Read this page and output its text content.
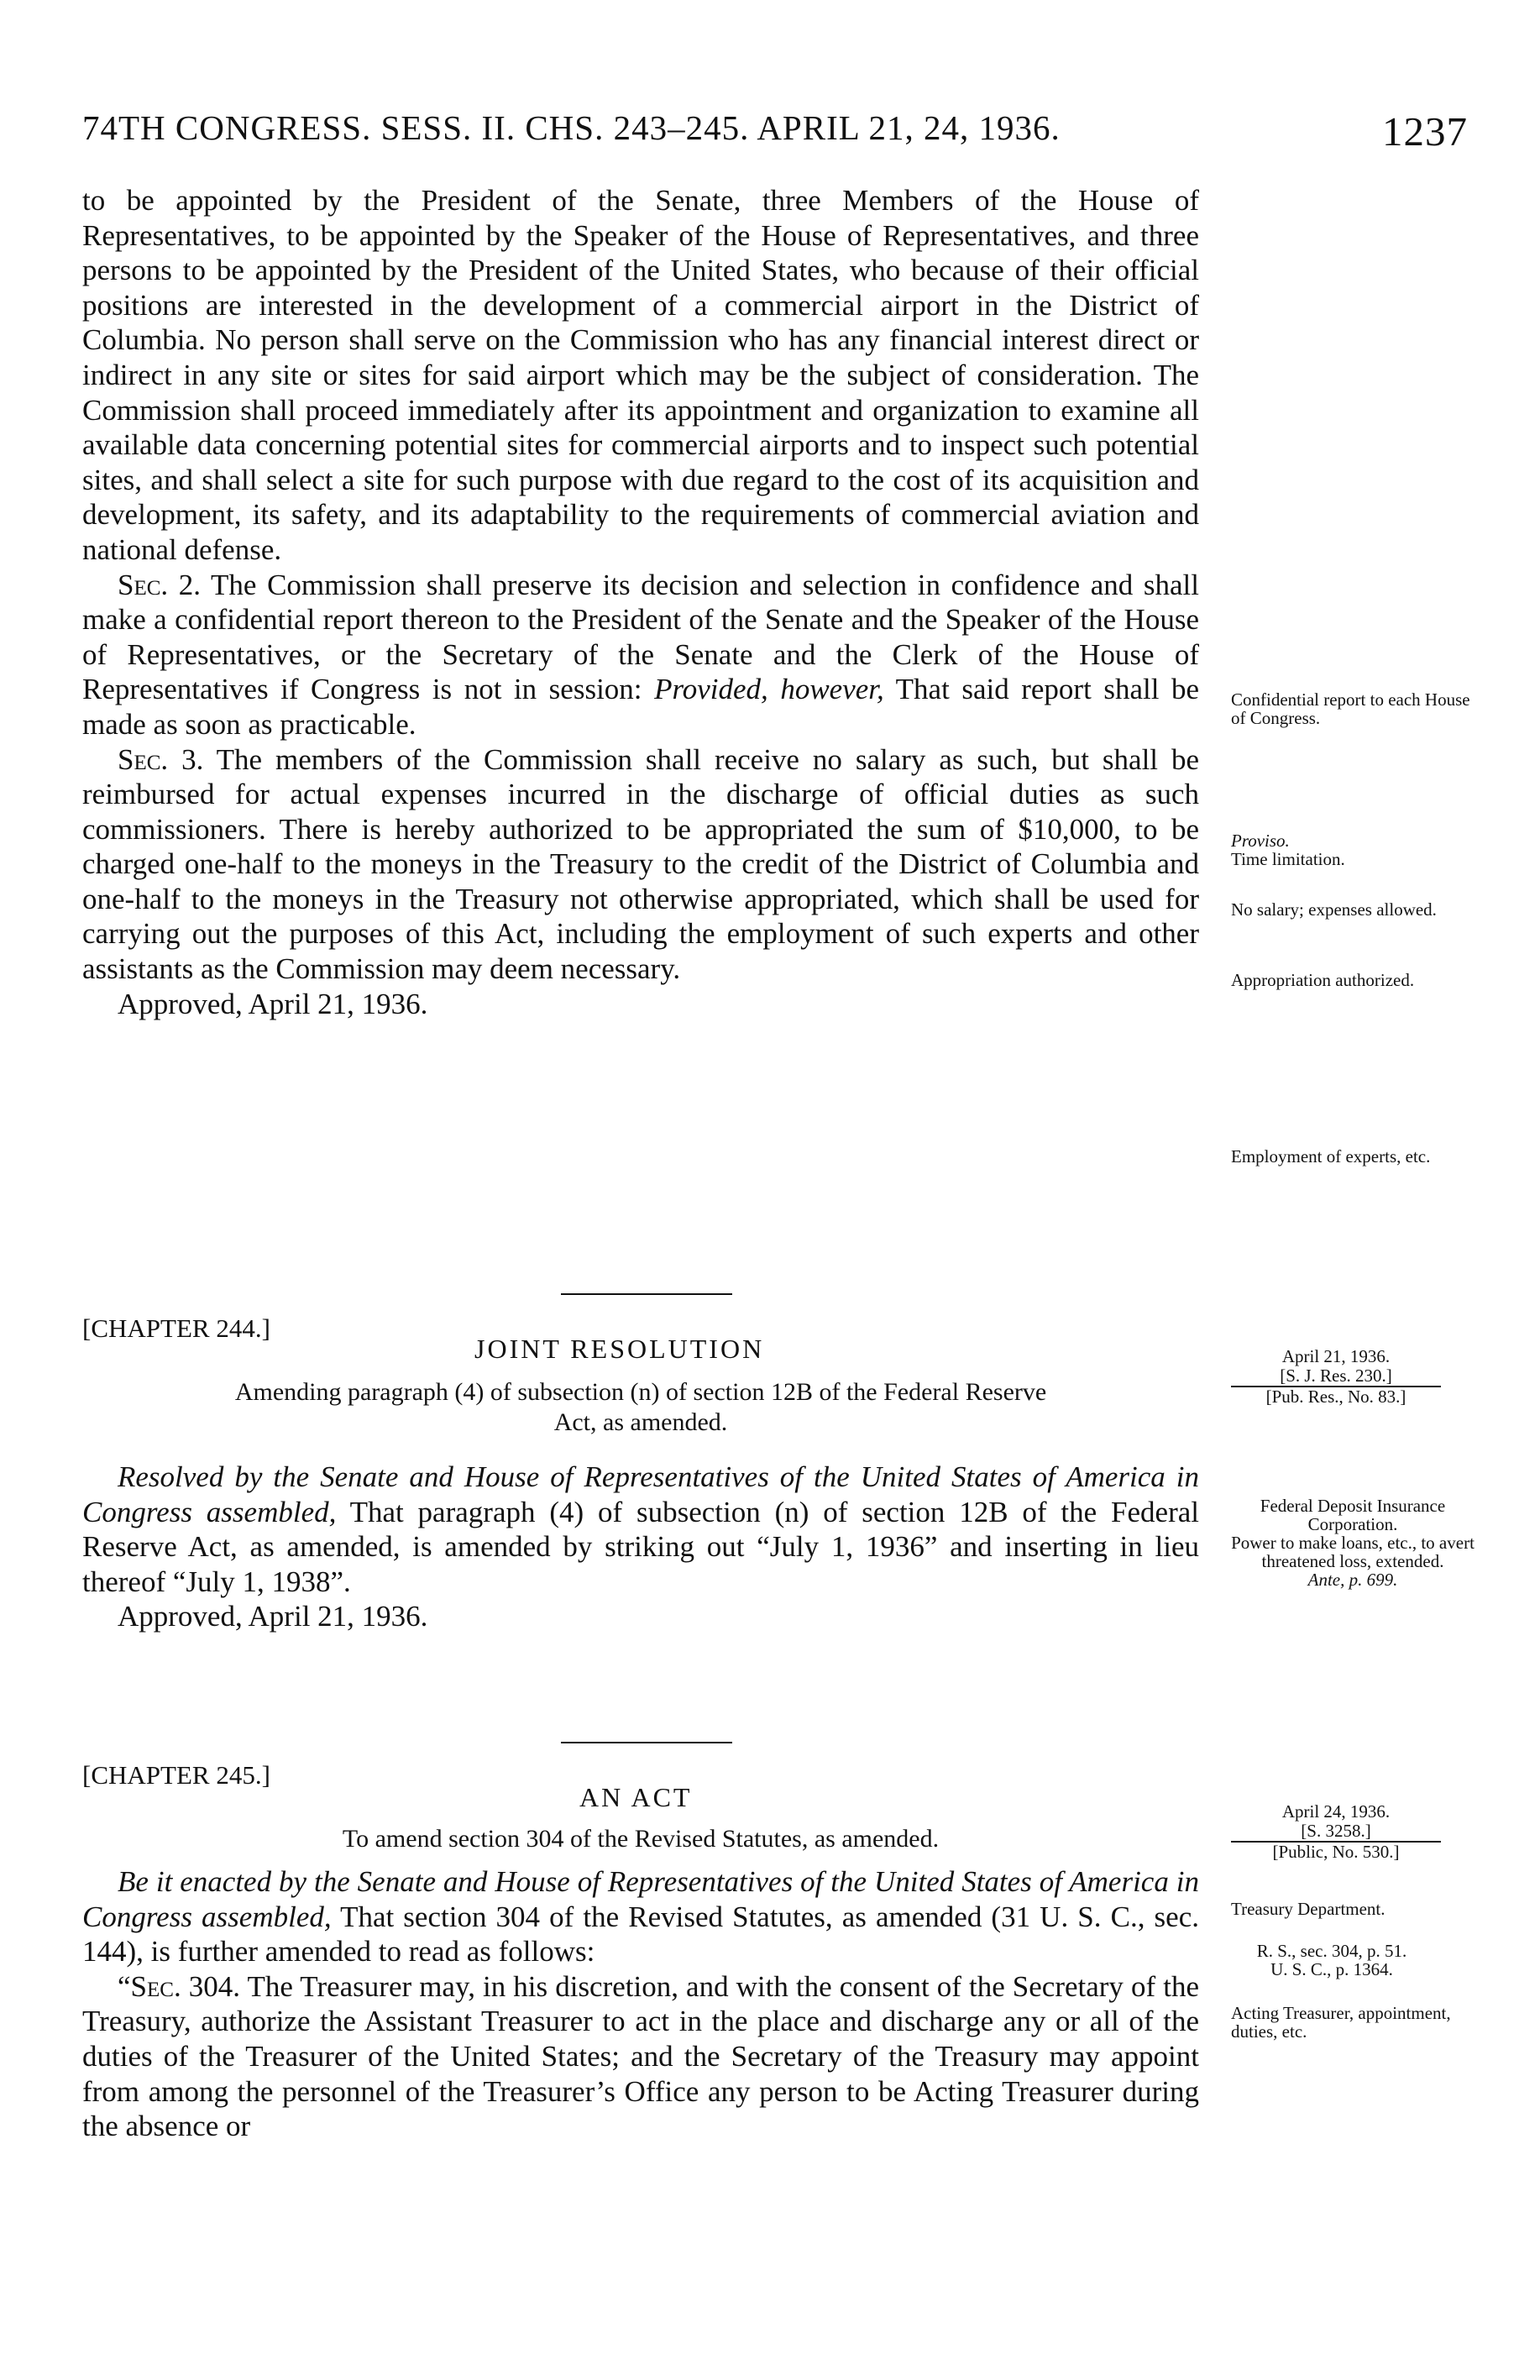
74TH CONGRESS. SESS. II. CHS. 243–245. APRIL 21, 24, 1936.	1237

to be appointed by the President of the Senate, three Members of the House of Representatives, to be appointed by the Speaker of the House of Representatives, and three persons to be appointed by the President of the United States, who because of their official positions are interested in the development of a commercial airport in the District of Columbia. No person shall serve on the Commission who has any financial interest direct or indirect in any site or sites for said airport which may be the subject of consideration. The Commission shall proceed immediately after its appointment and organization to examine all available data concerning potential sites for commercial airports and to inspect such potential sites, and shall select a site for such purpose with due regard to the cost of its acquisition and development, its safety, and its adaptability to the requirements of commercial aviation and national defense.

Sec. 2. The Commission shall preserve its decision and selection in confidence and shall make a confidential report thereon to the President of the Senate and the Speaker of the House of Representatives, or the Secretary of the Senate and the Clerk of the House of Representatives if Congress is not in session: Provided, however, That said report shall be made as soon as practicable.

Sec. 3. The members of the Commission shall receive no salary as such, but shall be reimbursed for actual expenses incurred in the discharge of official duties as such commissioners. There is hereby authorized to be appropriated the sum of $10,000, to be charged one-half to the moneys in the Treasury to the credit of the District of Columbia and one-half to the moneys in the Treasury not otherwise appropriated, which shall be used for carrying out the purposes of this Act, including the employment of such experts and other assistants as the Commission may deem necessary.

Approved, April 21, 1936.

Confidential report to each House of Congress.

Proviso.

Time limitation.

No salary; expenses allowed.

Appropriation authorized.

Employment of experts, etc.

[CHAPTER 244.]
JOINT RESOLUTION
Amending paragraph (4) of subsection (n) of section 12B of the Federal Reserve
Act, as amended.
April 21, 1936.
[S. J. Res. 230.]
[Pub. Res., No. 83.]

Resolved by the Senate and House of Representatives of the United States of America in Congress assembled, That paragraph (4) of subsection (n) of section 12B of the Federal Reserve Act, as amended, is amended by striking out “July 1, 1936” and inserting in lieu thereof “July 1, 1938”.

Approved, April 21, 1936.

Federal Deposit Insurance Corporation.

Power to make loans, etc., to avert threatened loss, extended.

Ante, p. 699.

[CHAPTER 245.]
AN ACT
To amend section 304 of the Revised Statutes, as amended.
April 24, 1936.
[S. 3258.]
[Public, No. 530.]

Be it enacted by the Senate and House of Representatives of the United States of America in Congress assembled, That section 304 of the Revised Statutes, as amended (31 U. S. C., sec. 144), is further amended to read as follows:

“Sec. 304. The Treasurer may, in his discretion, and with the consent of the Secretary of the Treasury, authorize the Assistant Treasurer to act in the place and discharge any or all of the duties of the Treasurer of the United States; and the Secretary of the Treasury may appoint from among the personnel of the Treasurer’s Office any person to be Acting Treasurer during the absence or

Treasury Department.

R. S., sec. 304, p. 51.

U. S. C., p. 1364.

Acting Treasurer, appointment, duties, etc.
